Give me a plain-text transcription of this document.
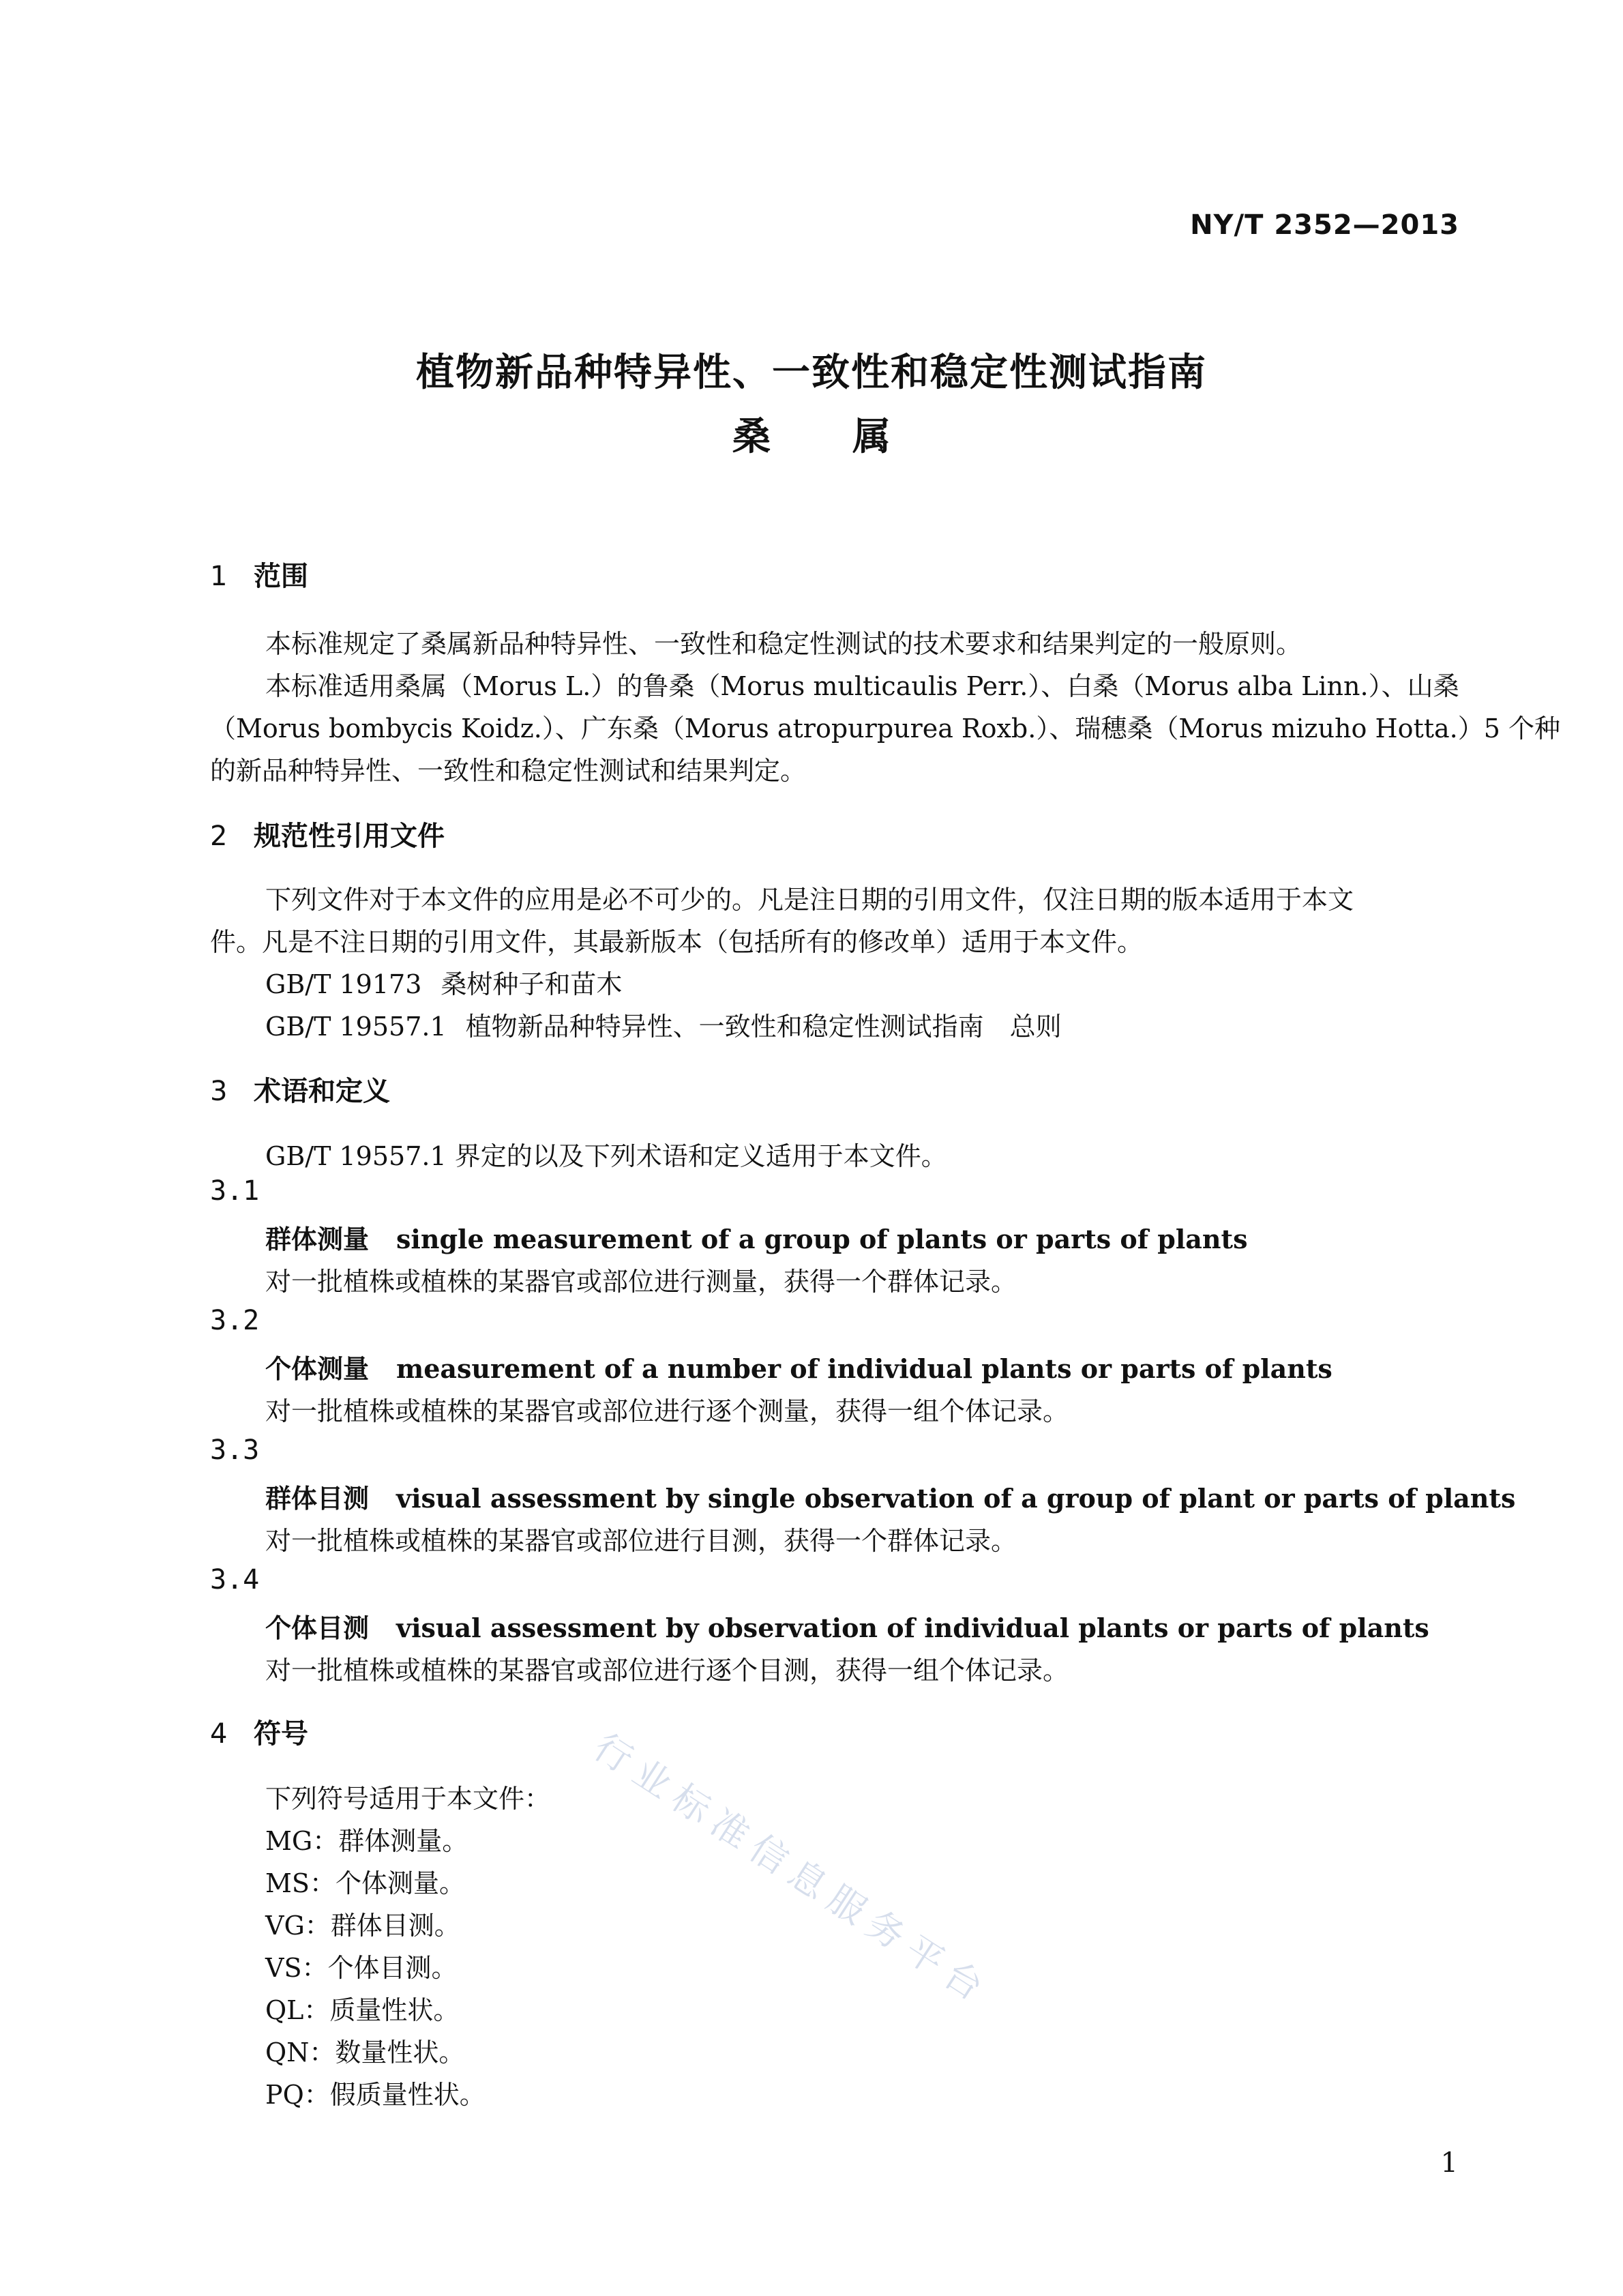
NY/T 2352—2013
植物新品种特异性、一致性和稳定性测试指南
桑属
1 范围
本标准规定了桑属新品种特异性、一致性和稳定性测试的技术要求和结果判定的一般原则。
本标准适用桑属（Morus L.）的鲁桑（Morus multicaulis Perr.）、白桑（Morus alba Linn.）、山桑
（Morus bombycis Koidz.）、广东桑（Morus atropurpurea Roxb.）、瑞穗桑（Morus mizuho Hotta.）5 个种
的新品种特异性、一致性和稳定性测试和结果判定。
2 规范性引用文件
下列文件对于本文件的应用是必不可少的。凡是注日期的引用文件，仅注日期的版本适用于本文
件。凡是不注日期的引用文件，其最新版本（包括所有的修改单）适用于本文件。
GB/T 19173 桑树种子和苗木
GB/T 19557.1 植物新品种特异性、一致性和稳定性测试指南　总则
3 术语和定义
GB/T 19557.1 界定的以及下列术语和定义适用于本文件。
3.1
群体测量 single measurement of a group of plants or parts of plants
对一批植株或植株的某器官或部位进行测量，获得一个群体记录。
3.2
个体测量 measurement of a number of individual plants or parts of plants
对一批植株或植株的某器官或部位进行逐个测量，获得一组个体记录。
3.3
群体目测 visual assessment by single observation of a group of plant or parts of plants
对一批植株或植株的某器官或部位进行目测，获得一个群体记录。
3.4
个体目测 visual assessment by observation of individual plants or parts of plants
对一批植株或植株的某器官或部位进行逐个目测，获得一组个体记录。
4 符号
下列符号适用于本文件：
MG：群体测量。
MS：个体测量。
VG：群体目测。
VS：个体目测。
QL：质量性状。
QN：数量性状。
PQ：假质量性状。
行业标准信息服务平台
1
